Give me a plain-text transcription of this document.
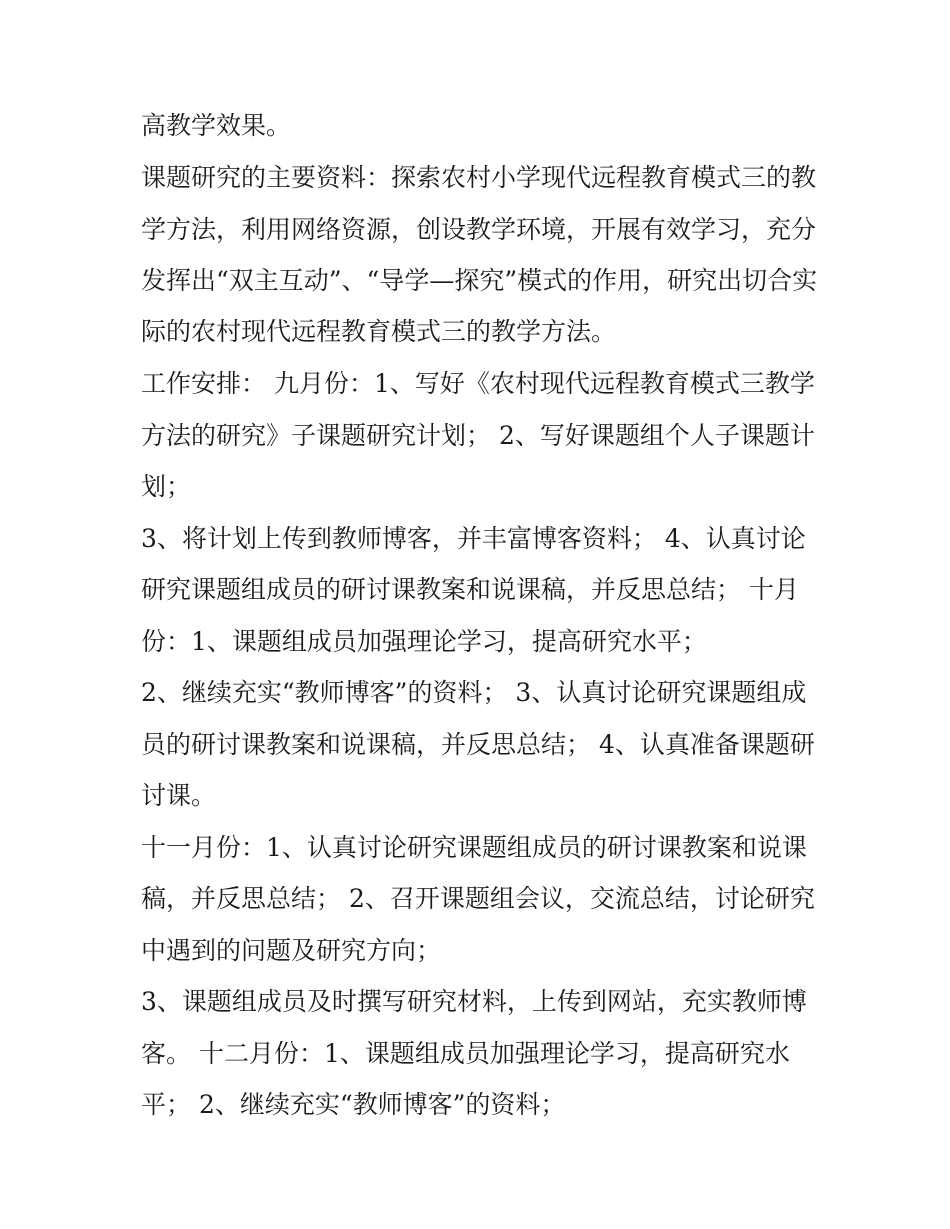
高教学效果。
课题研究的主要资料：探索农村小学现代远程教育模式三的教
学方法，利用网络资源，创设教学环境，开展有效学习，充分
发挥出“双主互动”、“导学—探究”模式的作用，研究出切合实
际的农村现代远程教育模式三的教学方法。
工作安排： 九月份：1、写好《农村现代远程教育模式三教学
方法的研究》子课题研究计划； 2、写好课题组个人子课题计
划；
3、将计划上传到教师博客，并丰富博客资料； 4、认真讨论
研究课题组成员的研讨课教案和说课稿，并反思总结； 十月
份：1、课题组成员加强理论学习，提高研究水平；
2、继续充实“教师博客”的资料； 3、认真讨论研究课题组成
员的研讨课教案和说课稿，并反思总结； 4、认真准备课题研
讨课。
十一月份：1、认真讨论研究课题组成员的研讨课教案和说课
稿，并反思总结； 2、召开课题组会议，交流总结，讨论研究
中遇到的问题及研究方向；
3、课题组成员及时撰写研究材料，上传到网站，充实教师博
客。 十二月份：1、课题组成员加强理论学习，提高研究水
平； 2、继续充实“教师博客”的资料；
